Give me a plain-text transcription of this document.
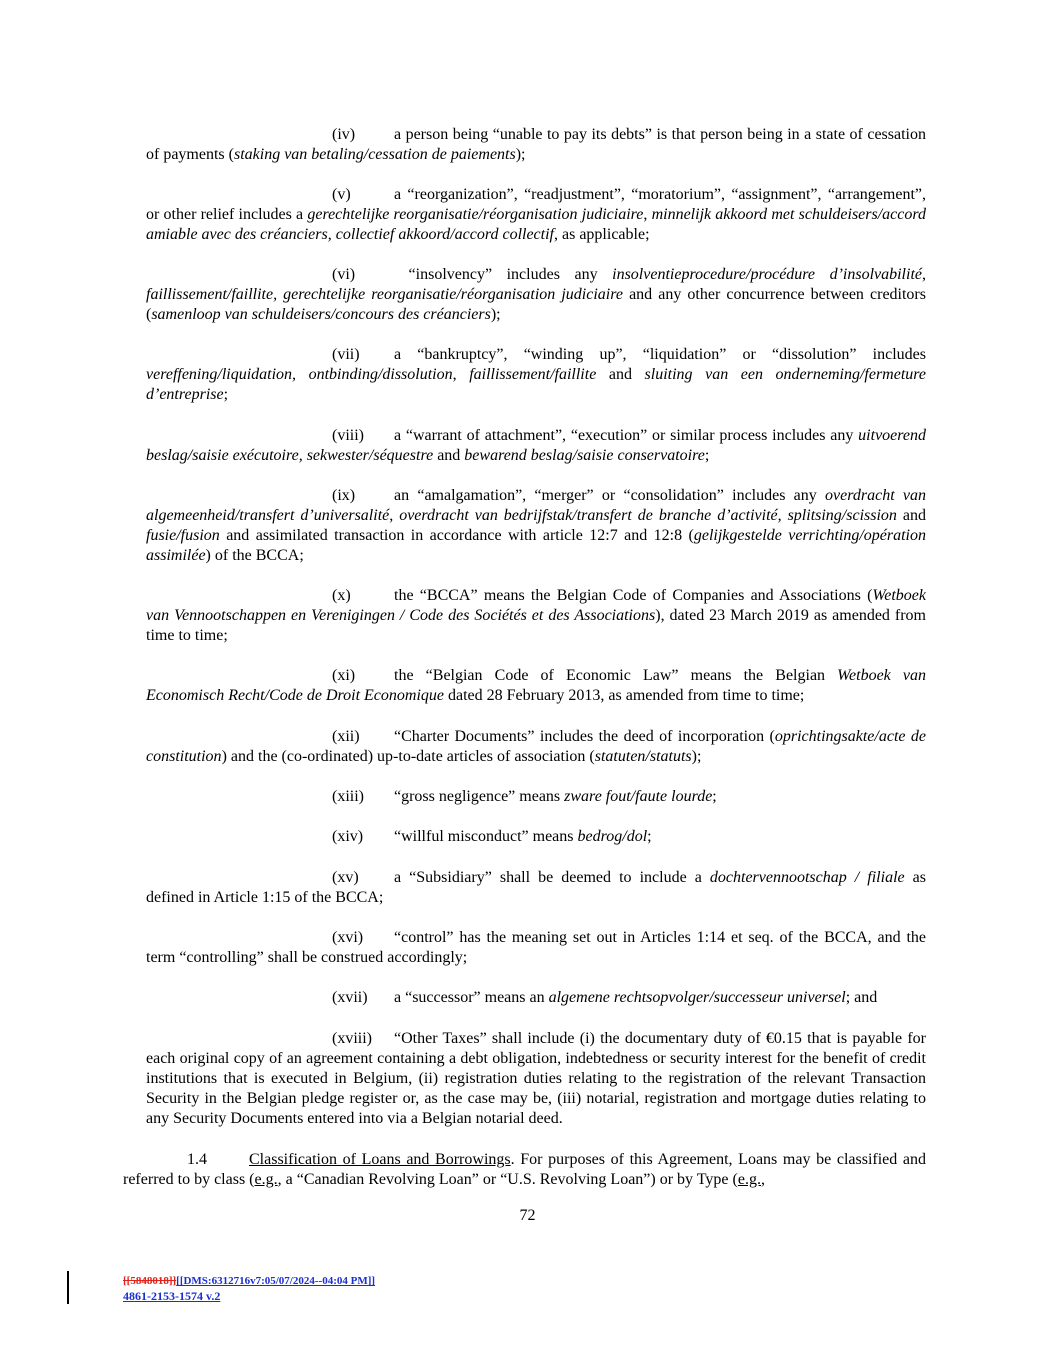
(iv) a person being “unable to pay its debts” is that person being in a state of cessation of payments (staking van betaling/cessation de paiements);
(v)	a “reorganization”, “readjustment”, “moratorium”, “assignment”, “arrangement”, or other relief includes a gerechtelijke reorganisatie/réorganisation judiciaire, minnelijk akkoord met schuldeisers/accord amiable avec des créanciers, collectief akkoord/accord collectif, as applicable;
(vi) “insolvency” includes any insolventieprocedure/procédure d’insolvabilité, faillissement/faillite, gerechtelijke reorganisatie/réorganisation judiciaire and any other concurrence between creditors (samenloop van schuldeisers/concours des créanciers);
(vii) a “bankruptcy”, “winding up”, “liquidation” or “dissolution” includes vereffening/liquidation, ontbinding/dissolution, faillissement/faillite and sluiting van een onderneming/fermeture d’entreprise;
(viii) a “warrant of attachment”, “execution” or similar process includes any uitvoerend beslag/saisie exécutoire, sekwester/séquestre and bewarend beslag/saisie conservatoire;
(ix) an “amalgamation”, “merger” or “consolidation” includes any overdracht van algemeenheid/transfert d’universalité, overdracht van bedrijfstak/transfert de branche d’activité, splitsing/scission and fusie/fusion and assimilated transaction in accordance with article 12:7 and 12:8 (gelijkgestelde verrichting/opération assimilée) of the BCCA;
(x)	the “BCCA” means the Belgian Code of Companies and Associations (Wetboek van Vennootschappen en Verenigingen / Code des Sociétés et des Associations), dated 23 March 2019 as amended from time to time;
(xi) the “Belgian Code of Economic Law” means the Belgian Wetboek van Economisch Recht/Code de Droit Economique dated 28 February 2013, as amended from time to time;
(xii) “Charter Documents” includes the deed of incorporation (oprichtingsakte/acte de constitution) and the (co-ordinated) up-to-date articles of association (statuten/statuts);
(xiii) “gross negligence” means zware fout/faute lourde;
(xiv) “willful misconduct” means bedrog/dol;
(xv) a “Subsidiary” shall be deemed to include a dochtervennootschap / filiale as defined in Article 1:15 of the BCCA;
(xvi) “control” has the meaning set out in Articles 1:14 et seq. of the BCCA, and the term “controlling” shall be construed accordingly;
(xvii) a “successor” means an algemene rechtsopvolger/successeur universel; and
(xviii) “Other Taxes” shall include (i) the documentary duty of €0.15 that is payable for each original copy of an agreement containing a debt obligation, indebtedness or security interest for the benefit of credit institutions that is executed in Belgium, (ii) registration duties relating to the registration of the relevant Transaction Security in the Belgian pledge register or, as the case may be, (iii) notarial, registration and mortgage duties relating to any Security Documents entered into via a Belgian notarial deed.
1.4	Classification of Loans and Borrowings. For purposes of this Agreement, Loans may be classified and referred to by class (e.g., a “Canadian Revolving Loan” or “U.S. Revolving Loan”) or by Type (e.g.,
72
[[5848018]][[DMS:6312716v7:05/07/2024--04:04 PM]]
4861-2153-1574 v.2
